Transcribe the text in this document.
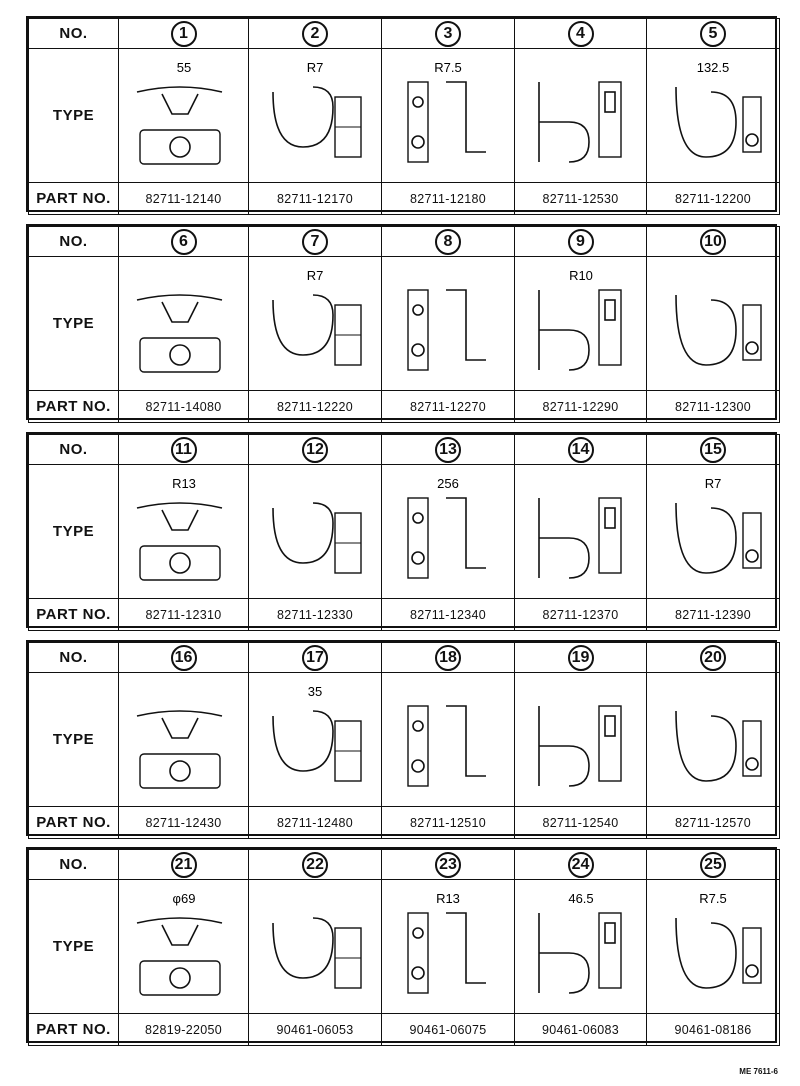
NO.	1	2	3	4	5
TYPE	55	R7	R7.5		132.5

PART NO.	82711-12140	82711-12170	82711-12180	82711-12530	82711-12200
NO.	6	7	8	9	10
TYPE		R7		R10

PART NO.	82711-14080	82711-12220	82711-12270	82711-12290	82711-12300
NO.	11	12	13	14	15
TYPE	R13		256		R7

PART NO.	82711-12310	82711-12330	82711-12340	82711-12370	82711-12390
NO.	16	17	18	19	20
TYPE		35

PART NO.	82711-12430	82711-12480	82711-12510	82711-12540	82711-12570
NO.	21	22	23	24	25
TYPE	φ69		R13	46.5	R7.5

PART NO.	82819-22050	90461-06053	90461-06075	90461-06083	90461-08186
ME 7611-6
